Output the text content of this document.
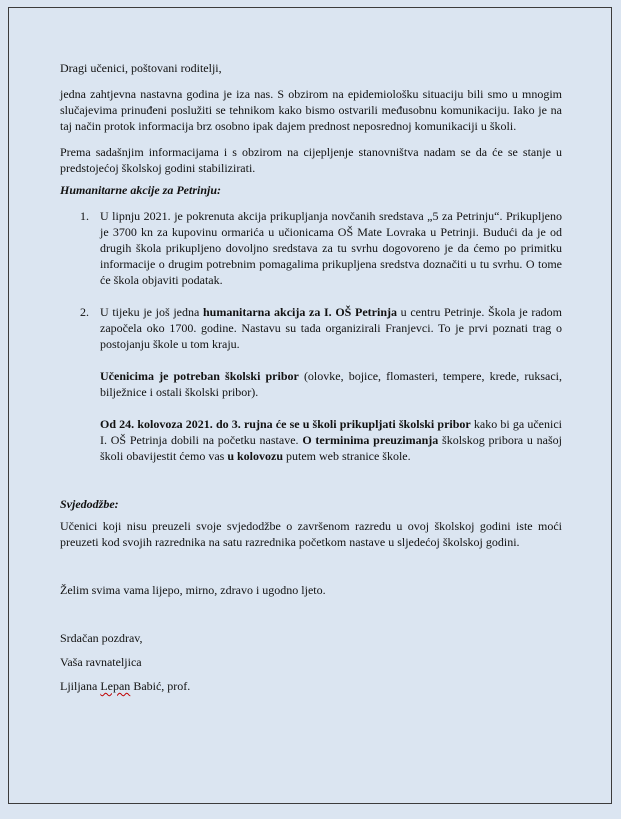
Dragi učenici, poštovani roditelji,

jedna zahtjevna nastavna godina je iza nas. S obzirom na epidemiološku situaciju bili smo u mnogim slučajevima prinuđeni poslužiti se tehnikom kako bismo ostvarili međusobnu komunikaciju. Iako je na taj način protok informacija brz osobno ipak dajem prednost neposrednoj komunikaciji u školi.

Prema sadašnjim informacijama i s obzirom na cijepljenje stanovništva nadam se da će se stanje u predstojećoj školskoj godini stabilizirati.

Humanitarne akcije za Petrinju:

1. U lipnju 2021. je pokrenuta akcija prikupljanja novčanih sredstava „5 za Petrinju“. Prikupljeno je 3700 kn za kupovinu ormarića u učionicama OŠ Mate Lovraka u Petrinji. Budući da je od drugih škola prikupljeno dovoljno sredstava za tu svrhu dogovoreno je da ćemo po primitku informacije o drugim potrebnim pomagalima prikupljena sredstva doznačiti u tu svrhu. O tome će škola objaviti podatak.

2. U tijeku je još jedna humanitarna akcija za I. OŠ Petrinja u centru Petrinje. Škola je radom započela oko 1700. godine. Nastavu su tada organizirali Franjevci. To je prvi poznati trag o postojanju škole u tom kraju.

Učenicima je potreban školski pribor (olovke, bojice, flomasteri, tempere, krede, ruksaci, bilježnice i ostali školski pribor).

Od 24. kolovoza 2021. do 3. rujna će se u školi prikupljati školski pribor kako bi ga učenici I. OŠ Petrinja dobili na početku nastave. O terminima preuzimanja školskog pribora u našoj školi obavijestit ćemo vas u kolovozu putem web stranice škole.

Svjedodžbe:

Učenici koji nisu preuzeli svoje svjedodžbe o završenom razredu u ovoj školskoj godini iste moći preuzeti kod svojih razrednika na satu razrednika početkom nastave u sljedećoj školskoj godini.

Želim svima vama lijepo, mirno, zdravo i ugodno ljeto.

Srdačan pozdrav,

Vaša ravnateljica

Ljiljana Lepan Babić, prof.
